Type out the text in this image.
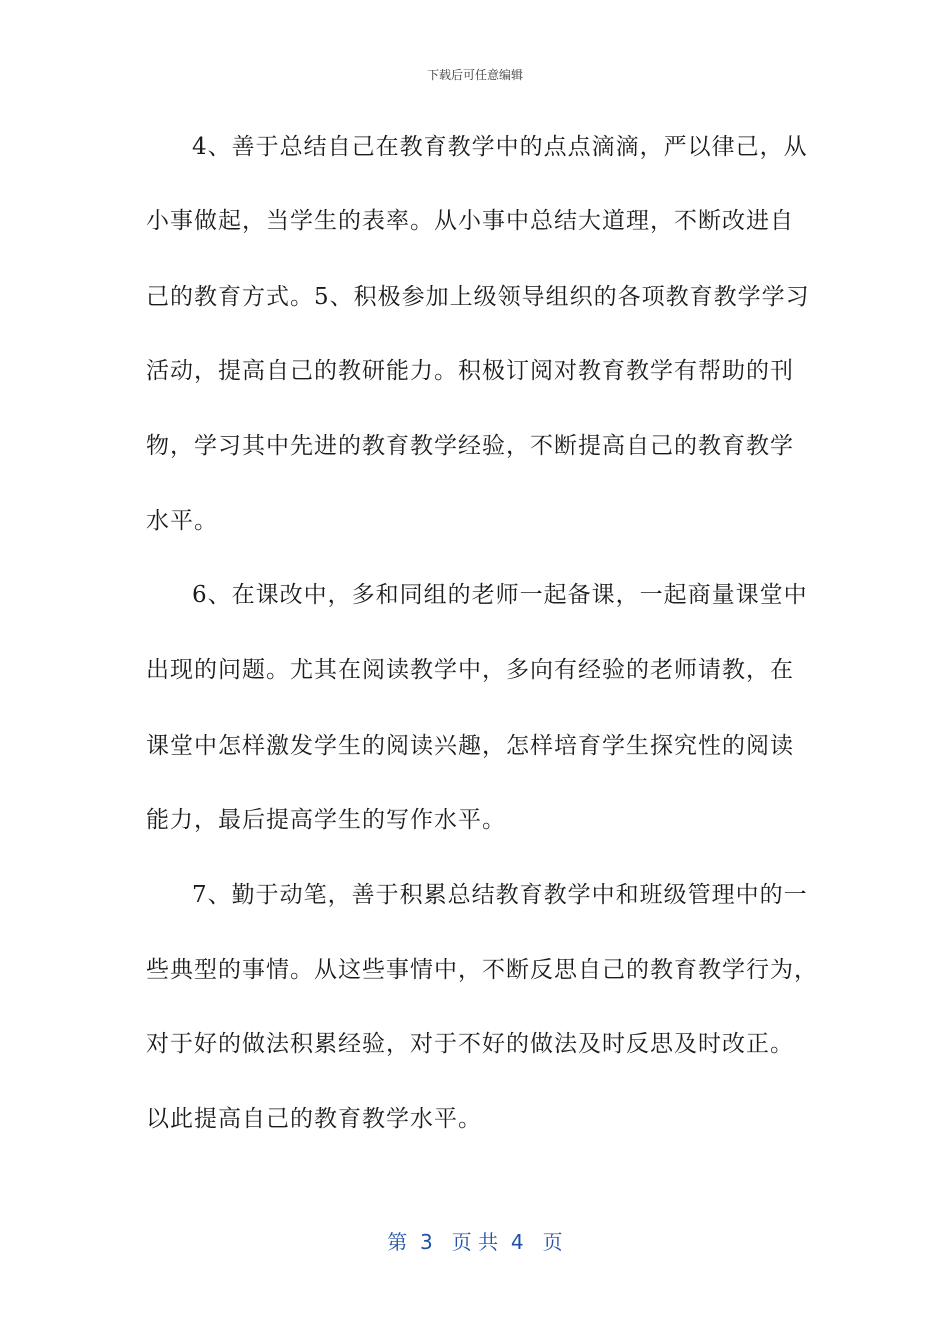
下载后可任意编辑
4、善于总结自己在教育教学中的点点滴滴，严以律己，从
小事做起，当学生的表率。从小事中总结大道理，不断改进自
己的教育方式。5、积极参加上级领导组织的各项教育教学学习
活动，提高自己的教研能力。积极订阅对教育教学有帮助的刊
物，学习其中先进的教育教学经验，不断提高自己的教育教学
水平。
6、在课改中，多和同组的老师一起备课，一起商量课堂中
出现的问题。尤其在阅读教学中，多向有经验的老师请教，在
课堂中怎样激发学生的阅读兴趣，怎样培育学生探究性的阅读
能力，最后提高学生的写作水平。
7、勤于动笔，善于积累总结教育教学中和班级管理中的一
些典型的事情。从这些事情中，不断反思自己的教育教学行为，
对于好的做法积累经验，对于不好的做法及时反思及时改正。
以此提高自己的教育教学水平。
第  3   页 共  4   页
